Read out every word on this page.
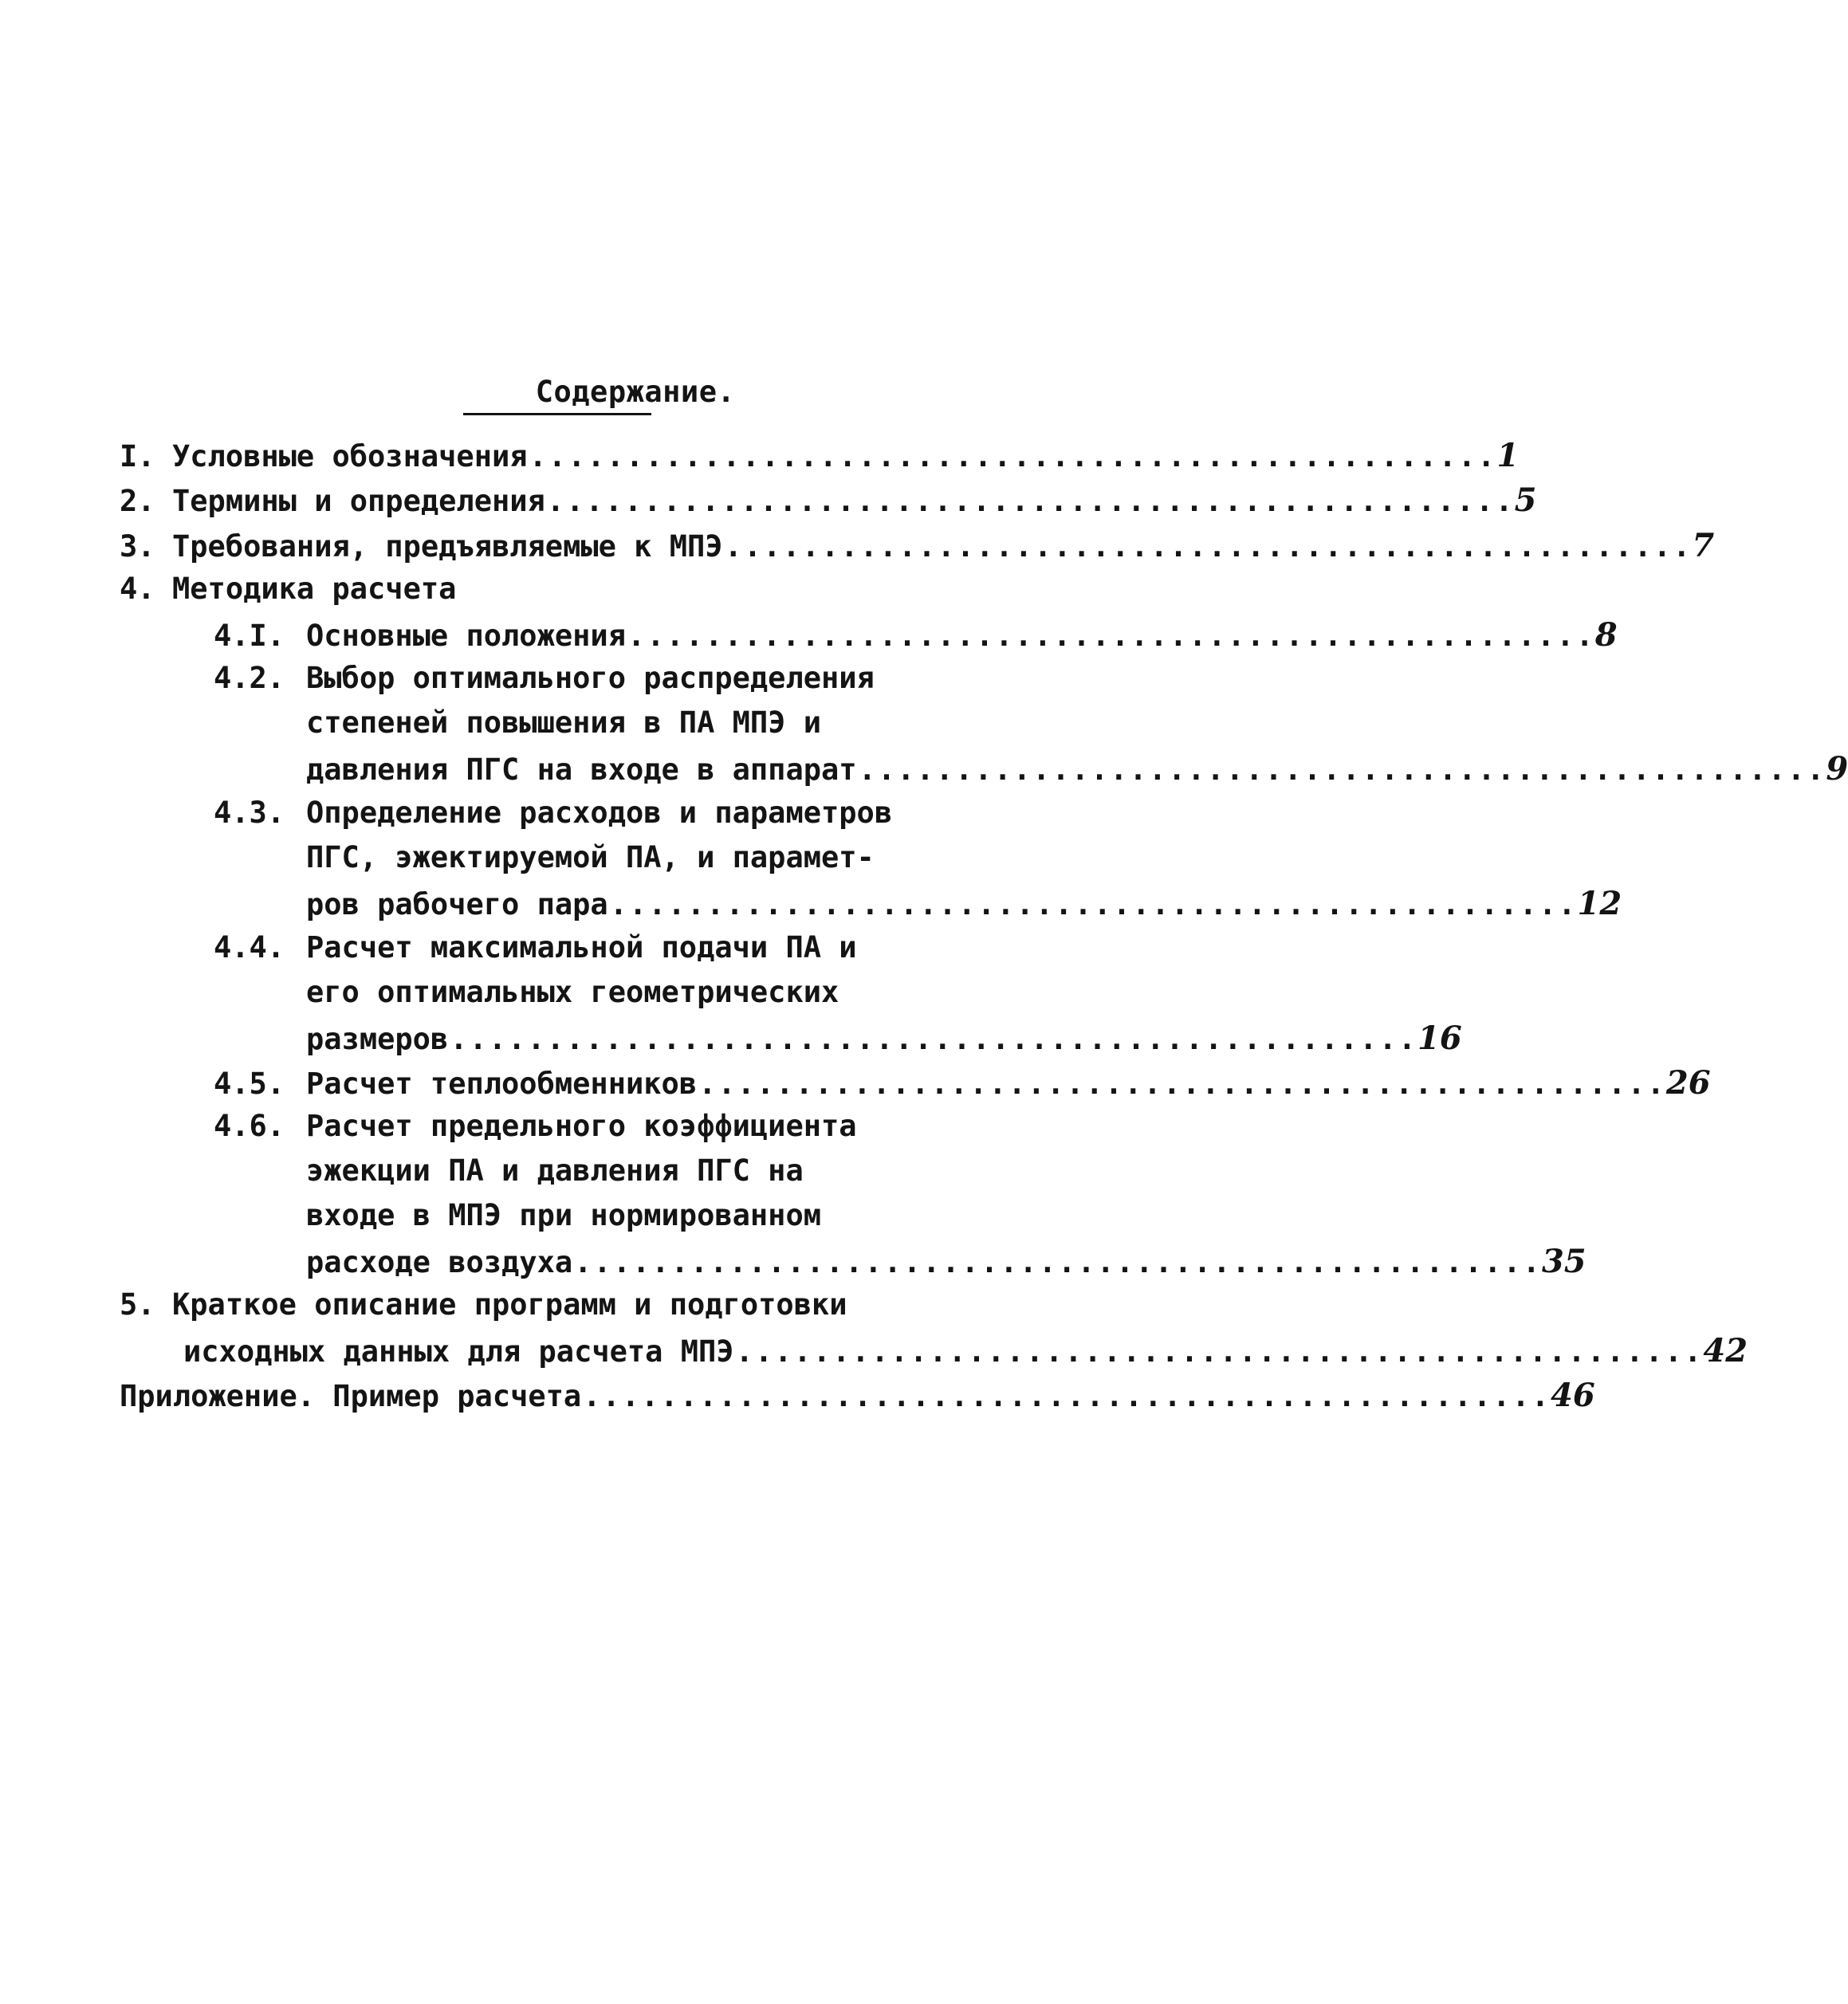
Содержание.
I. Условные обозначения .................................................. 1
2. Термины и определения .................................................. 5
3. Требования, предъявляемые к МПЭ .................................................. 7
4. Методика расчета
4.I. Основные положения .................................................. 8
4.2. Выбор оптимального распределения
степеней повышения в ПА МПЭ и
давления ПГС на входе в аппарат .................................................. 9
4.3. Определение расходов и параметров
ПГС, эжектируемой ПА, и парамет-
ров рабочего пара .................................................. 12
4.4. Расчет максимальной подачи ПА и
его оптимальных геометрических
размеров .................................................. 16
4.5. Расчет теплообменников .................................................. 26
4.6. Расчет предельного коэффициента
эжекции ПА и давления ПГС на
входе в МПЭ при нормированном
расходе воздуха .................................................. 35
5. Краткое описание программ и подготовки
исходных данных для расчета МПЭ .................................................. 42
Приложение. Пример расчета .................................................. 46
